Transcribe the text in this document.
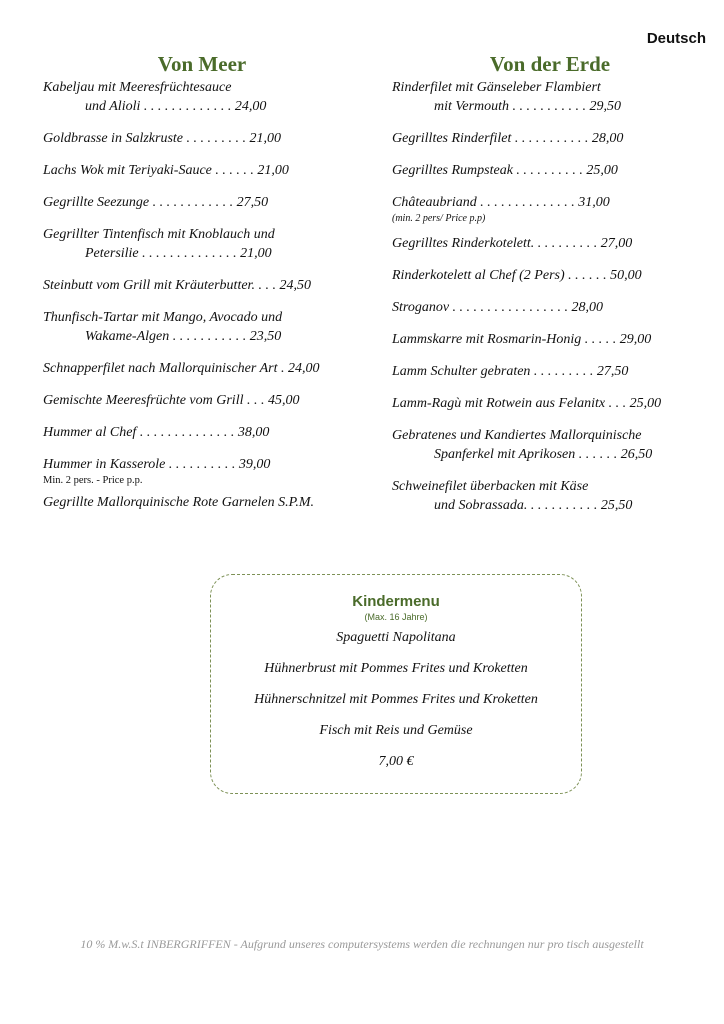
Deutsch
Von Meer
Kabeljau mit Meeresfrüchtesauce
und Alioli . . . . . . . . . . . . . 24,00
Goldbrasse in Salzkruste . . . . . . . . . 21,00
Lachs Wok mit Teriyaki-Sauce . . . . . . 21,00
Gegrillte Seezunge . . . . . . . . . . . . 27,50
Gegrillter Tintenfisch mit Knoblauch und
Petersilie . . . . . . . . . . . . . . 21,00
Steinbutt vom Grill mit Kräuterbutter. . . . 24,50
Thunfisch-Tartar mit Mango, Avocado und
Wakame-Algen . . . . . . . . . . . 23,50
Schnapperfilet nach Mallorquinischer Art . 24,00
Gemischte Meeresfrüchte vom Grill . . . 45,00
Hummer al Chef . . . . . . . . . . . . . . 38,00
Hummer in Kasserole . . . . . . . . . . 39,00
Min. 2 pers. - Price p.p.
Gegrillte Mallorquinische Rote Garnelen S.P.M.
Von der Erde
Rinderfilet mit Gänseleber Flambiert
mit Vermouth . . . . . . . . . . . 29,50
Gegrilltes Rinderfilet . . . . . . . . . . . 28,00
Gegrilltes Rumpsteak . . . . . . . . . . 25,00
Châteaubriand . . . . . . . . . . . . . . 31,00
(min. 2 pers/ Price p.p)
Gegrilltes Rinderkotelett. . . . . . . . . . 27,00
Rinderkotelett al Chef (2 Pers) . . . . . . 50,00
Stroganov . . . . . . . . . . . . . . . . . 28,00
Lammskarre mit Rosmarin-Honig . . . . . 29,00
Lamm Schulter gebraten . . . . . . . . . 27,50
Lamm-Ragù mit Rotwein aus Felanitx . . . 25,00
Gebratenes und Kandiertes Mallorquinische
Spanferkel mit Aprikosen . . . . . . 26,50
Schweinefilet überbacken mit Käse
und Sobrassada. . . . . . . . . . . 25,50
Kindermenu
(Max. 16 Jahre)
Spaguetti Napolitana
Hühnerbrust mit Pommes Frites und Kroketten
Hühnerschnitzel mit Pommes Frites und Kroketten
Fisch mit Reis und Gemüse
7,00 €
10 % M.w.S.t INBERGRIFFEN - Aufgrund unseres computersystems werden die rechnungen nur pro tisch ausgestellt
